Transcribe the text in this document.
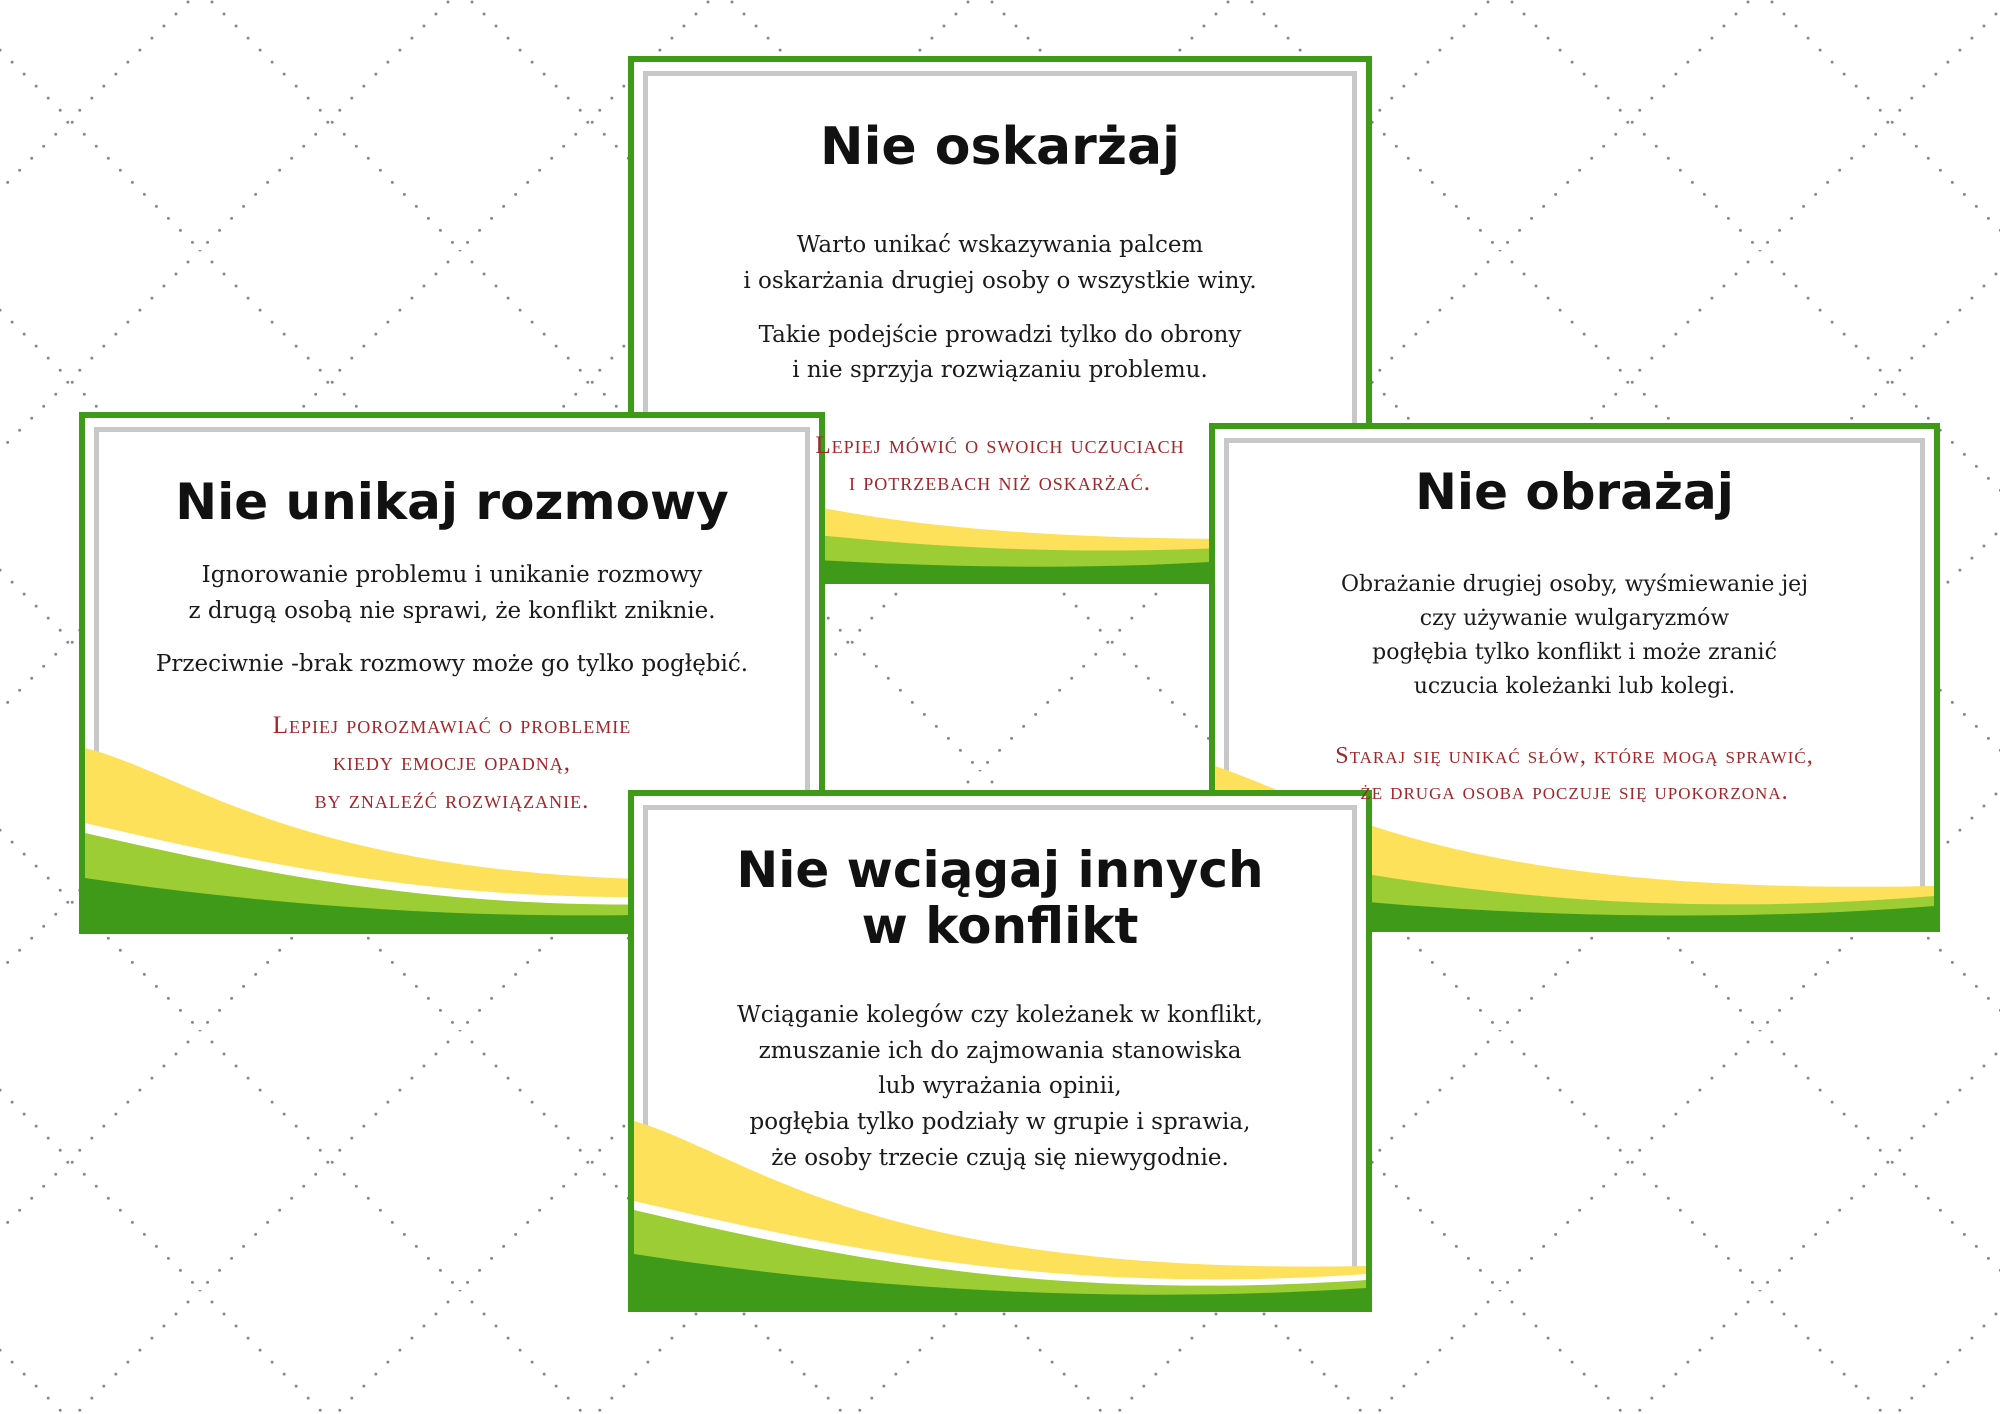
Nie oskarżaj

Warto unikać wskazywania palcem
i oskarżania drugiej osoby o wszystkie winy.

Takie podejście prowadzi tylko do obrony
i nie sprzyja rozwiązaniu problemu.

Lepiej mówić o swoich uczuciach
i potrzebach niż oskarżać.

Nie unikaj rozmowy

Ignorowanie problemu i unikanie rozmowy
z drugą osobą nie sprawi, że konflikt zniknie.

Przeciwnie -brak rozmowy może go tylko pogłębić.

Lepiej porozmawiać o problemie
kiedy emocje opadną,
by znaleźć rozwiązanie.

Nie obrażaj

Obrażanie drugiej osoby, wyśmiewanie jej
czy używanie wulgaryzmów
pogłębia tylko konflikt i może zranić
uczucia koleżanki lub kolegi.

Staraj się unikać słów, które mogą sprawić,
że druga osoba poczuje się upokorzona.

Nie wciągaj innych
w konflikt

Wciąganie kolegów czy koleżanek w konflikt,
zmuszanie ich do zajmowania stanowiska
lub wyrażania opinii,
pogłębia tylko podziały w grupie i sprawia,
że osoby trzecie czują się niewygodnie.
